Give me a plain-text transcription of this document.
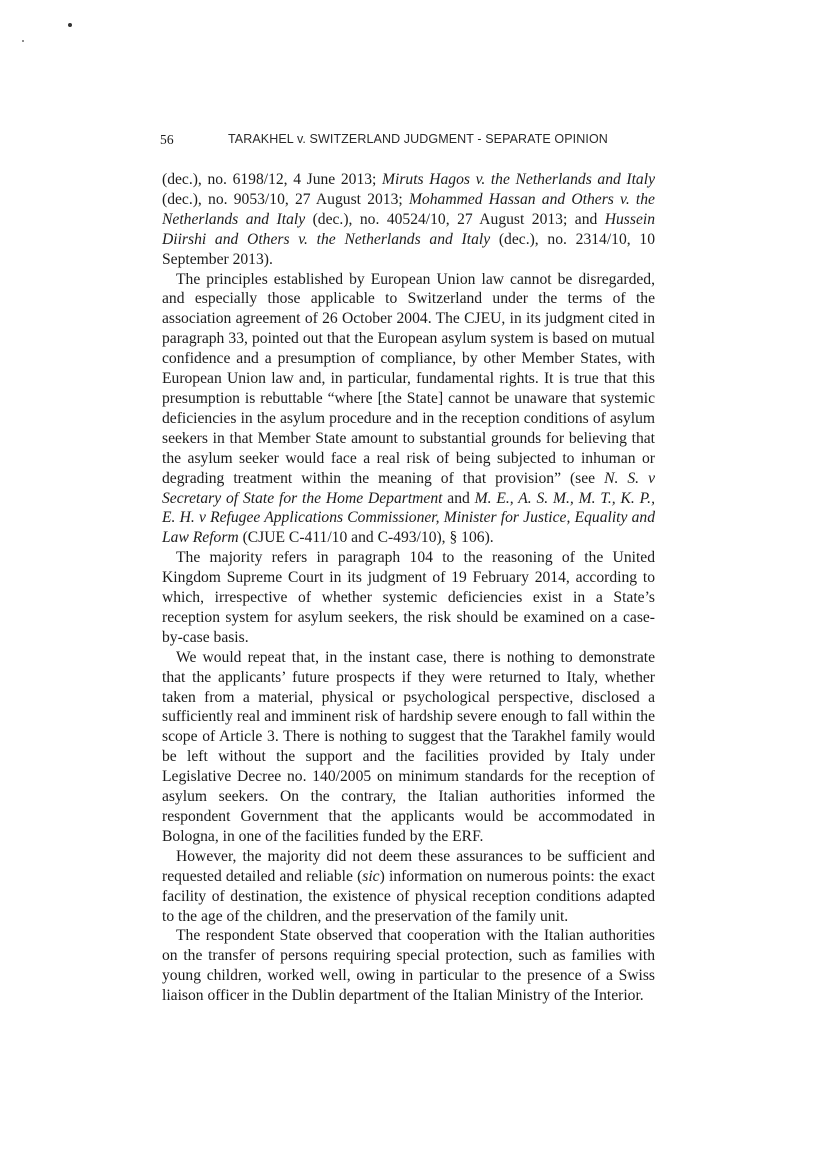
56	TARAKHEL v. SWITZERLAND JUDGMENT - SEPARATE OPINION

(dec.), no. 6198/12, 4 June 2013; Miruts Hagos v. the Netherlands and Italy (dec.), no. 9053/10, 27 August 2013; Mohammed Hassan and Others v. the Netherlands and Italy (dec.), no. 40524/10, 27 August 2013; and Hussein Diirshi and Others v. the Netherlands and Italy (dec.), no. 2314/10, 10 September 2013).

The principles established by European Union law cannot be disregarded, and especially those applicable to Switzerland under the terms of the association agreement of 26 October 2004. The CJEU, in its judgment cited in paragraph 33, pointed out that the European asylum system is based on mutual confidence and a presumption of compliance, by other Member States, with European Union law and, in particular, fundamental rights. It is true that this presumption is rebuttable “where [the State] cannot be unaware that systemic deficiencies in the asylum procedure and in the reception conditions of asylum seekers in that Member State amount to substantial grounds for believing that the asylum seeker would face a real risk of being subjected to inhuman or degrading treatment within the meaning of that provision” (see N. S. v Secretary of State for the Home Department and M. E., A. S. M., M. T., K. P., E. H. v Refugee Applications Commissioner, Minister for Justice, Equality and Law Reform (CJUE C-411/10 and C-493/10), § 106).

The majority refers in paragraph 104 to the reasoning of the United Kingdom Supreme Court in its judgment of 19 February 2014, according to which, irrespective of whether systemic deficiencies exist in a State’s reception system for asylum seekers, the risk should be examined on a case-by-case basis.

We would repeat that, in the instant case, there is nothing to demonstrate that the applicants’ future prospects if they were returned to Italy, whether taken from a material, physical or psychological perspective, disclosed a sufficiently real and imminent risk of hardship severe enough to fall within the scope of Article 3. There is nothing to suggest that the Tarakhel family would be left without the support and the facilities provided by Italy under Legislative Decree no. 140/2005 on minimum standards for the reception of asylum seekers. On the contrary, the Italian authorities informed the respondent Government that the applicants would be accommodated in Bologna, in one of the facilities funded by the ERF.

However, the majority did not deem these assurances to be sufficient and requested detailed and reliable (sic) information on numerous points: the exact facility of destination, the existence of physical reception conditions adapted to the age of the children, and the preservation of the family unit.

The respondent State observed that cooperation with the Italian authorities on the transfer of persons requiring special protection, such as families with young children, worked well, owing in particular to the presence of a Swiss liaison officer in the Dublin department of the Italian Ministry of the Interior.
